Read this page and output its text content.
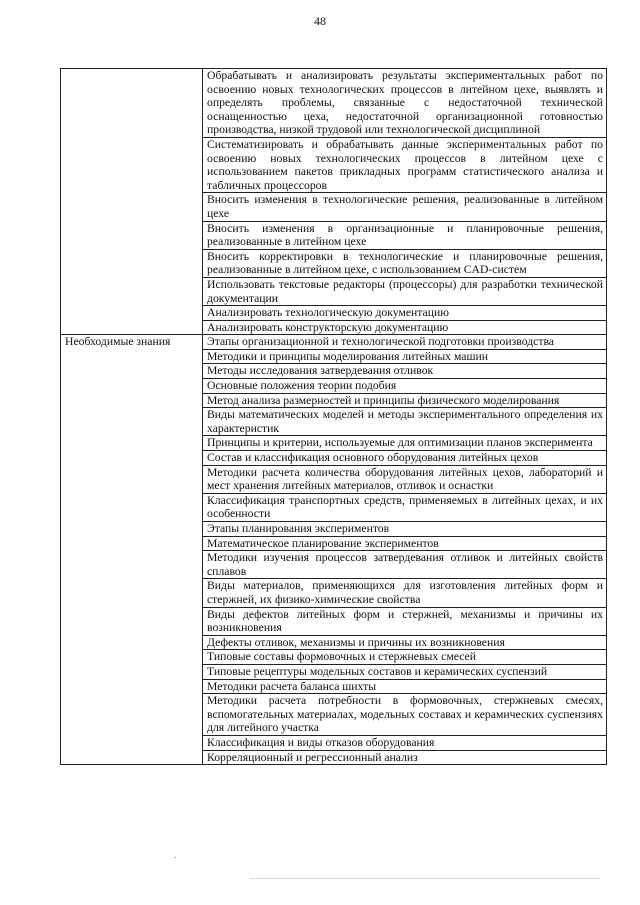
48
	Обрабатывать и анализировать результаты экспериментальных работ по освоению новых технологических процессов в литейном цехе, выявлять и определять проблемы, связанные с недостаточной технической оснащенностью цеха, недостаточной организационной готовностью производства, низкой трудовой или технологической дисциплиной
	Систематизировать и обрабатывать данные экспериментальных работ по освоению новых технологических процессов в литейном цехе с использованием пакетов прикладных программ статистического анализа и табличных процессоров
	Вносить изменения в технологические решения, реализованные в литейном цехе
	Вносить изменения в организационные и планировочные решения, реализованные в литейном цехе
	Вносить корректировки в технологические и планировочные решения, реализованные в литейном цехе, с использованием CAD-систем
	Использовать текстовые редакторы (процессоры) для разработки технической документации
	Анализировать технологическую документацию
	Анализировать конструкторскую документацию

Необходимые знания	Этапы организационной и технологической подготовки производства
	Методики и принципы моделирования литейных машин
	Методы исследования затвердевания отливок
	Основные положения теории подобия
	Метод анализа размерностей и принципы физического моделирования
	Виды математических моделей и методы экспериментального определения их характеристик
	Принципы и критерии, используемые для оптимизации планов эксперимента
	Состав и классификация основного оборудования литейных цехов
	Методики расчета количества оборудования литейных цехов, лабораторий и мест хранения литейных материалов, отливок и оснастки
	Классификация транспортных средств, применяемых в литейных цехах, и их особенности
	Этапы планирования экспериментов
	Математическое планирование экспериментов
	Методики изучения процессов затвердевания отливок и литейных свойств сплавов
	Виды материалов, применяющихся для изготовления литейных форм и стержней, их физико-химические свойства
	Виды дефектов литейных форм и стержней, механизмы и причины их возникновения
	Дефекты отливок, механизмы и причины их возникновения
	Типовые составы формовочных и стержневых смесей
	Типовые рецептуры модельных составов и керамических суспензий
	Методики расчета баланса шихты
	Методики расчета потребности в формовочных, стержневых смесях, вспомогательных материалах, модельных составах и керамических суспензиях для литейного участка
	Классификация и виды отказов оборудования
	Корреляционный и регрессионный анализ
.
